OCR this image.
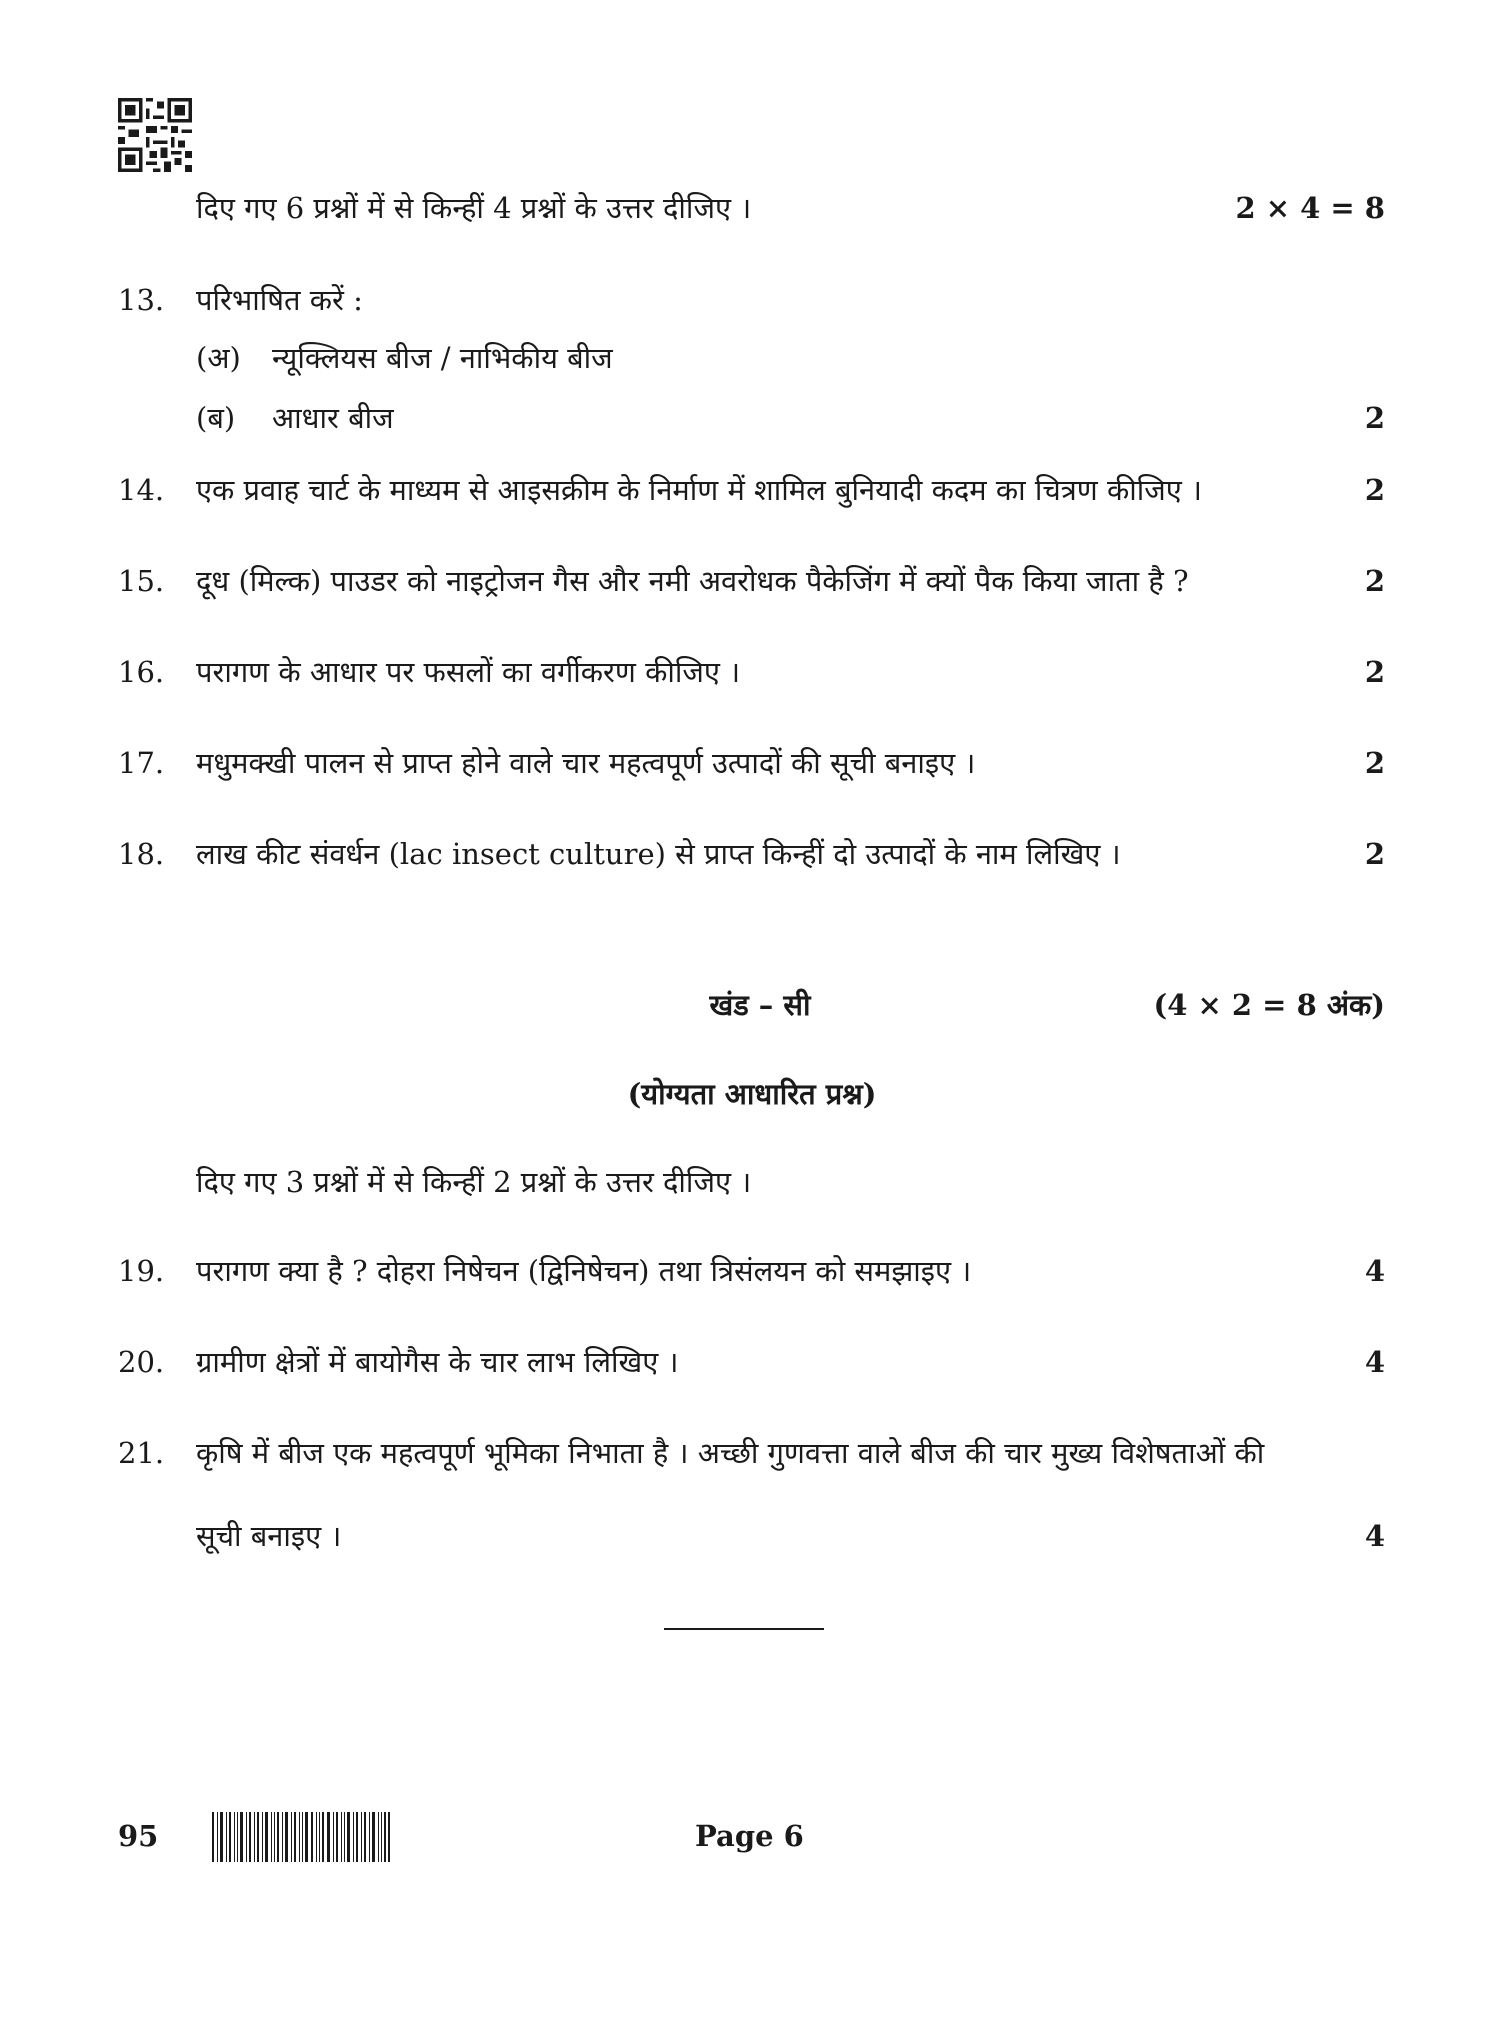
दिए गए 6 प्रश्नों में से किन्हीं 4 प्रश्नों के उत्तर दीजिए ।	2 × 4 = 8
13.	परिभाषित करें :
(अ) न्यूक्लियस बीज / नाभिकीय बीज
(ब) आधार बीज	2
14.	एक प्रवाह चार्ट के माध्यम से आइसक्रीम के निर्माण में शामिल बुनियादी कदम का चित्रण कीजिए ।	2
15.	दूध (मिल्क) पाउडर को नाइट्रोजन गैस और नमी अवरोधक पैकेजिंग में क्यों पैक किया जाता है ?	2
16.	परागण के आधार पर फसलों का वर्गीकरण कीजिए ।	2
17.	मधुमक्खी पालन से प्राप्त होने वाले चार महत्वपूर्ण उत्पादों की सूची बनाइए ।	2
18.	लाख कीट संवर्धन (lac insect culture) से प्राप्त किन्हीं दो उत्पादों के नाम लिखिए ।	2
खंड – सी	(4 × 2 = 8 अंक)
(योग्यता आधारित प्रश्न)
दिए गए 3 प्रश्नों में से किन्हीं 2 प्रश्नों के उत्तर दीजिए ।
19.	परागण क्या है ? दोहरा निषेचन (द्विनिषेचन) तथा त्रिसंलयन को समझाइए ।	4
20.	ग्रामीण क्षेत्रों में बायोगैस के चार लाभ लिखिए ।	4
21.	कृषि में बीज एक महत्वपूर्ण भूमिका निभाता है । अच्छी गुणवत्ता वाले बीज की चार मुख्य विशेषताओं की
सूची बनाइए ।	4
95	Page 6
